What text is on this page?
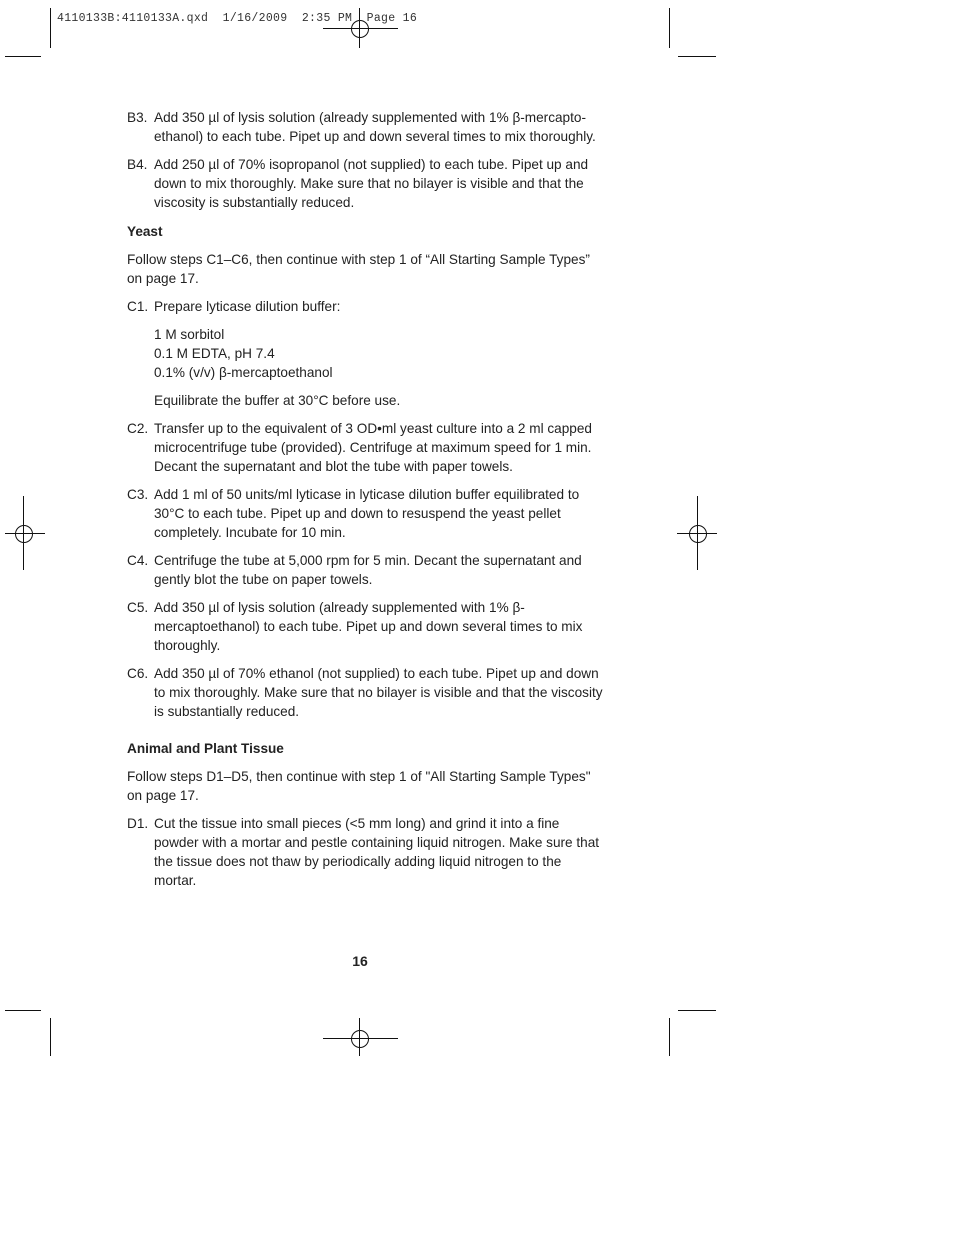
4110133B:4110133A.qxd  1/16/2009  2:35 PM  Page 16
B3. Add 350 µl of lysis solution (already supplemented with 1% β-mercapto-ethanol) to each tube. Pipet up and down several times to mix thoroughly.
B4. Add 250 µl of 70% isopropanol (not supplied) to each tube. Pipet up and down to mix thoroughly. Make sure that no bilayer is visible and that the viscosity is substantially reduced.
Yeast
Follow steps C1–C6, then continue with step 1 of “All Starting Sample Types” on page 17.
C1. Prepare lyticase dilution buffer:
1 M sorbitol
0.1 M EDTA, pH 7.4
0.1% (v/v) β-mercaptoethanol
Equilibrate the buffer at 30°C before use.
C2. Transfer up to the equivalent of 3 OD•ml yeast culture into a 2 ml capped microcentrifuge tube (provided). Centrifuge at maximum speed for 1 min. Decant the supernatant and blot the tube with paper towels.
C3. Add 1 ml of 50 units/ml lyticase in lyticase dilution buffer equilibrated to 30°C to each tube. Pipet up and down to resuspend the yeast pellet completely. Incubate for 10 min.
C4. Centrifuge the tube at 5,000 rpm for 5 min. Decant the supernatant and gently blot the tube on paper towels.
C5. Add 350 µl of lysis solution (already supplemented with 1% β-mercaptoethanol) to each tube. Pipet up and down several times to mix thoroughly.
C6. Add 350 µl of 70% ethanol (not supplied) to each tube. Pipet up and down to mix thoroughly. Make sure that no bilayer is visible and that the viscosity is substantially reduced.
Animal and Plant Tissue
Follow steps D1–D5, then continue with step 1 of "All Starting Sample Types" on page 17.
D1. Cut the tissue into small pieces (<5 mm long) and grind it into a fine powder with a mortar and pestle containing liquid nitrogen. Make sure that the tissue does not thaw by periodically adding liquid nitrogen to the mortar.
16
